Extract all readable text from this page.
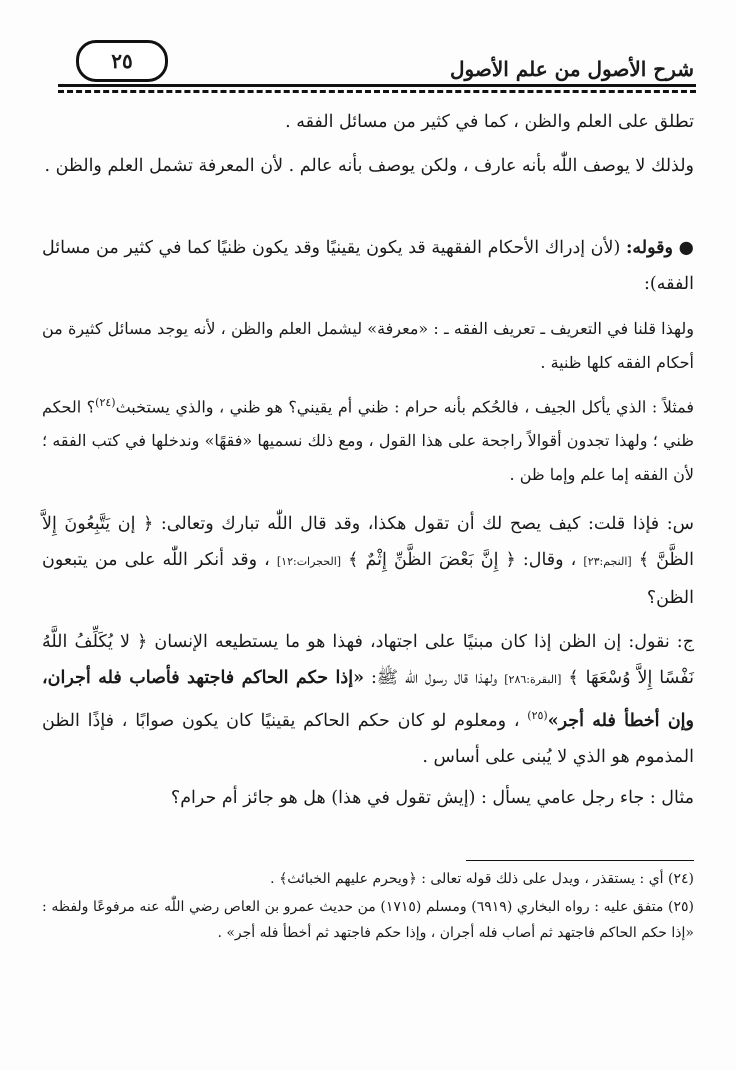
٢٥	شرح الأصول من علم الأصول

تطلق على العلم والظن ، كما في كثير من مسائل الفقه .

ولذلك لا يوصف اللّٰه بأنه عارف ، ولكن يوصف بأنه عالم . لأن المعرفة تشمل العلم والظن .

● وقوله: (لأن إدراك الأحكام الفقهية قد يكون يقينيًا وقد يكون ظنيًا كما في كثير من مسائل الفقه):

ولهذا قلنا في التعريف ـ تعريف الفقه ـ : «معرفة» ليشمل العلم والظن ، لأنه يوجد مسائل كثيرة من أحكام الفقه كلها ظنية .

فمثلاً : الذي يأكل الجيف ، فالحُكم بأنه حرام : ظني أم يقيني؟ هو ظني ، والذي يستخبث$^{(٢٤)}$؟ الحكم ظني ؛ ولهذا تجدون أقوالاً راجحة على هذا القول ، ومع ذلك نسميها «فقهًا» وندخلها في كتب الفقه ؛ لأن الفقه إما علم وإما ظن .

س: فإذا قلت: كيف يصح لك أن تقول هكذا، وقد قال اللّٰه تبارك وتعالى: ﴿ إن يَتَّبِعُونَ إِلاَّ الظَّنَّ ﴾ [النجم:٢٣] ، وقال: ﴿ إِنَّ بَعْضَ الظَّنِّ إِثْمٌ ﴾ [الحجرات:١٢] ، وقد أنكر اللّٰه على من يتبعون الظن؟

ج: نقول: إن الظن إذا كان مبنيًا على اجتهاد، فهذا هو ما يستطيعه الإنسان ﴿ لا يُكَلِّفُ اللَّهُ نَفْسًا إِلاَّ وُسْعَهَا ﴾ [البقرة:٢٨٦] ولهذا قال رسول اللّٰه ﷺ: «إذا حكم الحاكم فاجتهد فأصاب فله أجران، وإن أخطأ فله أجر»$^{(٢٥)}$ ، ومعلوم لو كان حكم الحاكم يقينيًا كان يكون صوابًا ، فإذًا الظن المذموم هو الذي لا يُبنى على أساس .

مثال : جاء رجل عامي يسأل : (إيش تقول في هذا) هل هو جائز أم حرام؟

(٢٤) أي : يستقذر ، ويدل على ذلك قوله تعالى : ﴿ويحرم عليهم الخبائث﴾ .

(٢٥) متفق عليه : رواه البخاري (٦٩١٩) ومسلم (١٧١٥) من حديث عمرو بن العاص رضي اللّٰه عنه مرفوعًا ولفظه : «إذا حكم الحاكم فاجتهد ثم أصاب فله أجران ، وإذا حكم فاجتهد ثم أخطأ فله أجر» .
